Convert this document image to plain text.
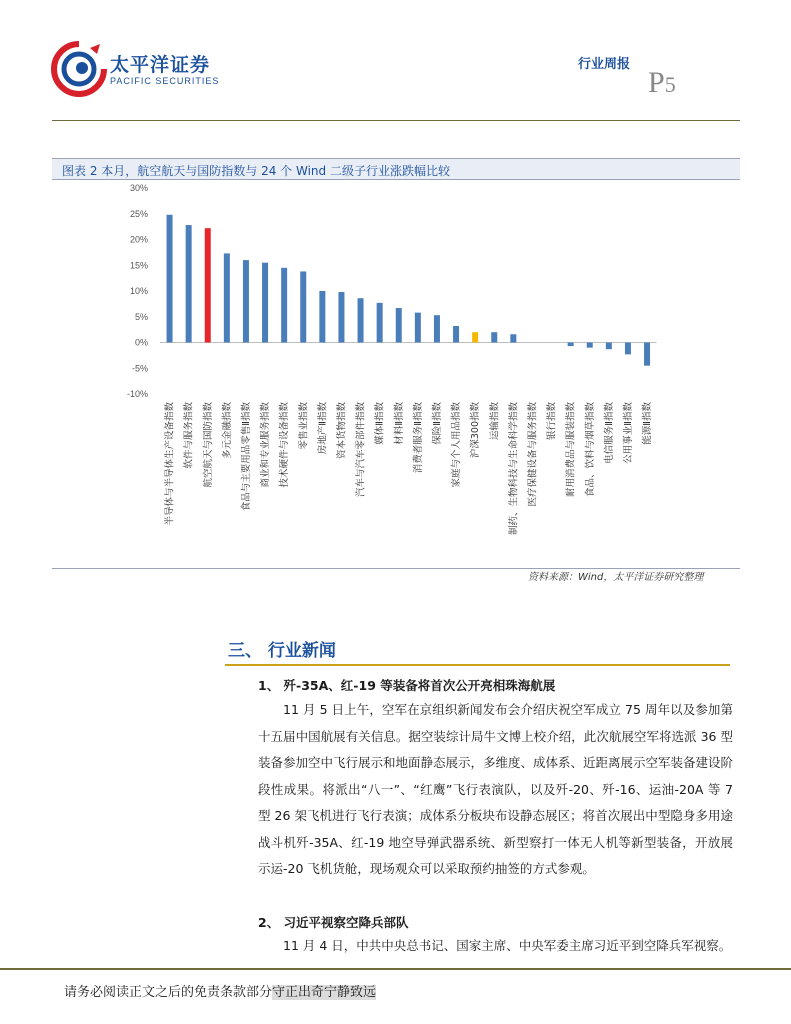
太平洋证券
PACIFIC SECURITIES
行业周报
P5
图表 2 本月，航空航天与国防指数与 24 个 Wind 二级子行业涨跌幅比较
30%
25%
20%
15%
10%
5%
0%
-5%
-10%
半导体与半导体生产设备指数 软件与服务指数 航空航天与国防指数 多元金融指数 食品与主要用品零售Ⅱ指数 商业和专业服务指数 技术硬件与设备指数 零售业指数 房地产Ⅱ指数 资本货物指数 汽车与汽车零部件指数 媒体Ⅱ指数 材料Ⅱ指数 消费者服务Ⅱ指数 保险Ⅱ指数 家庭与个人用品指数 沪深300指数 运输指数 制药、生物科技与生命科学指数 医疗保健设备与服务指数 银行指数 耐用消费品与服装指数 食品、饮料与烟草指数 电信服务Ⅱ指数 公用事业Ⅱ指数 能源Ⅱ指数
资料来源：Wind，太平洋证券研究整理
三、 行业新闻
1、 歼-35A、红-19 等装备将首次公开亮相珠海航展
11 月 5 日上午，空军在京组织新闻发布会介绍庆祝空军成立 75 周年以及参加第十五届中国航展有关信息。据空装综计局牛文博上校介绍，此次航展空军将选派 36 型装备参加空中飞行展示和地面静态展示，多维度、成体系、近距离展示空军装备建设阶段性成果。将派出“八一”、“红鹰”飞行表演队，以及歼-20、歼-16、运油-20A 等 7 型 26 架飞机进行飞行表演；成体系分板块布设静态展区；将首次展出中型隐身多用途战斗机歼-35A、红-19 地空导弹武器系统、新型察打一体无人机等新型装备，开放展示运-20 飞机货舱，现场观众可以采取预约抽签的方式参观。
2、 习近平视察空降兵部队
11 月 4 日，中共中央总书记、国家主席、中央军委主席习近平到空降兵军视察。
请务必阅读正文之后的免责条款部分守正出奇宁静致远
